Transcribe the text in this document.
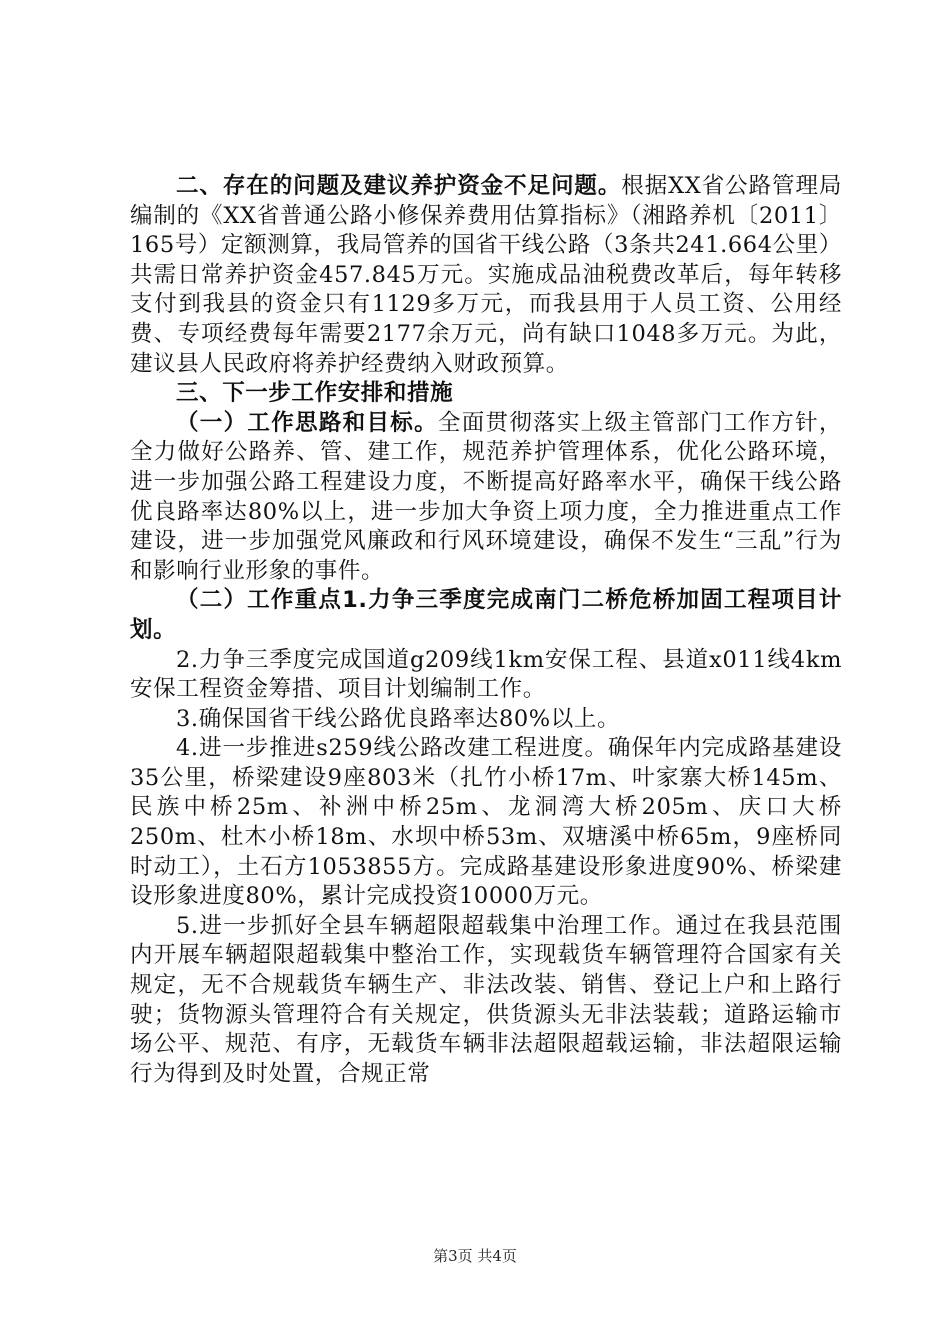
二、存在的问题及建议养护资金不足问题。根据XX省公路管理局编制的《XX省普通公路小修保养费用估算指标》（湘路养机〔2011〕165号）定额测算，我局管养的国省干线公路（3条共241.664公里）共需日常养护资金457.845万元。实施成品油税费改革后，每年转移支付到我县的资金只有1129多万元，而我县用于人员工资、公用经费、专项经费每年需要2177余万元，尚有缺口1048多万元。为此，建议县人民政府将养护经费纳入财政预算。

三、下一步工作安排和措施

（一）工作思路和目标。全面贯彻落实上级主管部门工作方针，全力做好公路养、管、建工作，规范养护管理体系，优化公路环境，进一步加强公路工程建设力度，不断提高好路率水平，确保干线公路优良路率达80%以上，进一步加大争资上项力度，全力推进重点工作建设，进一步加强党风廉政和行风环境建设，确保不发生“三乱”行为和影响行业形象的事件。

（二）工作重点1.力争三季度完成南门二桥危桥加固工程项目计划。

2.力争三季度完成国道g209线1km安保工程、县道x011线4km安保工程资金筹措、项目计划编制工作。

3.确保国省干线公路优良路率达80%以上。

4.进一步推进s259线公路改建工程进度。确保年内完成路基建设35公里，桥梁建设9座803米（扎竹小桥17m、叶家寨大桥145m、民族中桥25m、补洲中桥25m、龙洞湾大桥205m、庆口大桥250m、杜木小桥18m、水坝中桥53m、双塘溪中桥65m，9座桥同时动工），土石方1053855方。完成路基建设形象进度90%、桥梁建设形象进度80%，累计完成投资10000万元。

5.进一步抓好全县车辆超限超载集中治理工作。通过在我县范围内开展车辆超限超载集中整治工作，实现载货车辆管理符合国家有关规定，无不合规载货车辆生产、非法改装、销售、登记上户和上路行驶；货物源头管理符合有关规定，供货源头无非法装载；道路运输市场公平、规范、有序，无载货车辆非法超限超载运输，非法超限运输行为得到及时处置，合规正常

第3页 共4页
